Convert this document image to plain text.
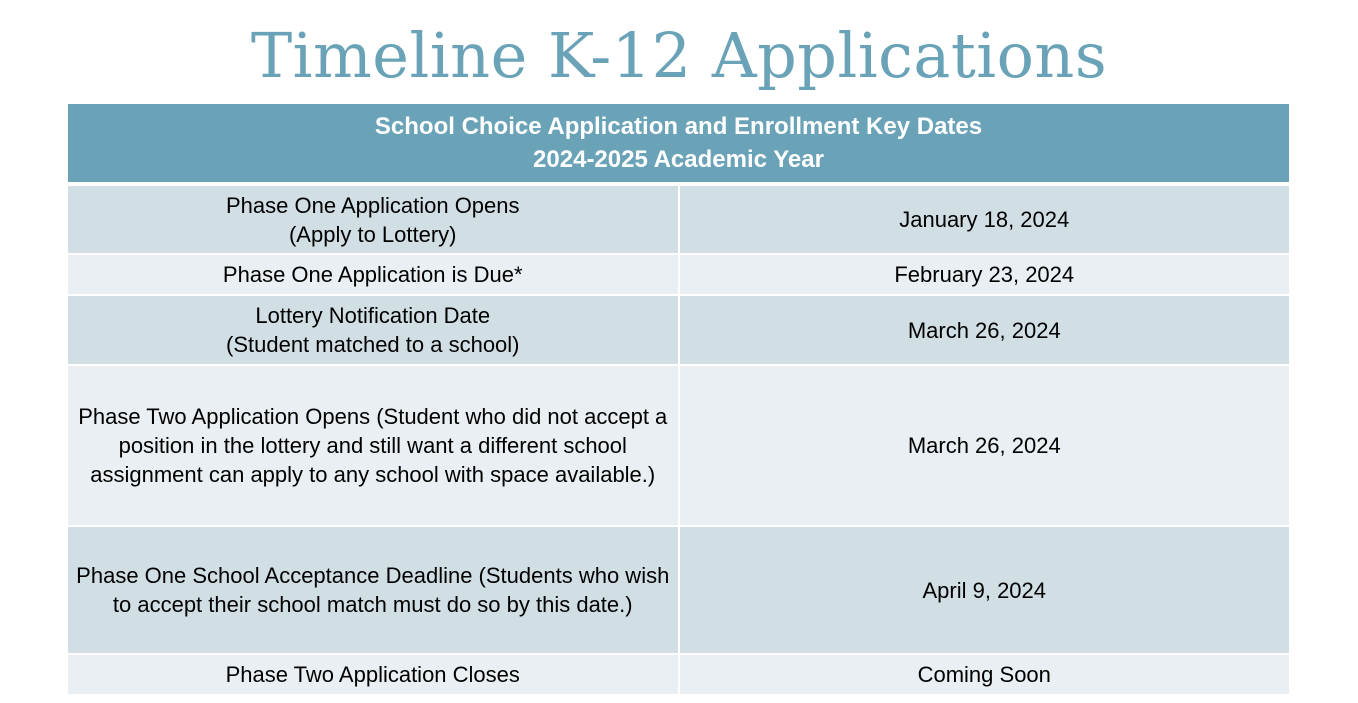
Timeline K-12 Applications
School Choice Application and Enrollment Key Dates
2024-2025 Academic Year	

Phase One Application Opens
(Apply to Lottery)	January 18, 2024

Phase One Application is Due*	February 23, 2024

Lottery Notification Date
(Student matched to a school)	March 26, 2024

Phase Two Application Opens (Student who did not accept a position in the lottery and still want a different school assignment can apply to any school with space available.)	March 26, 2024

Phase One School Acceptance Deadline (Students who wish to accept their school match must do so by this date.)	April 9, 2024

Phase Two Application Closes	Coming Soon
